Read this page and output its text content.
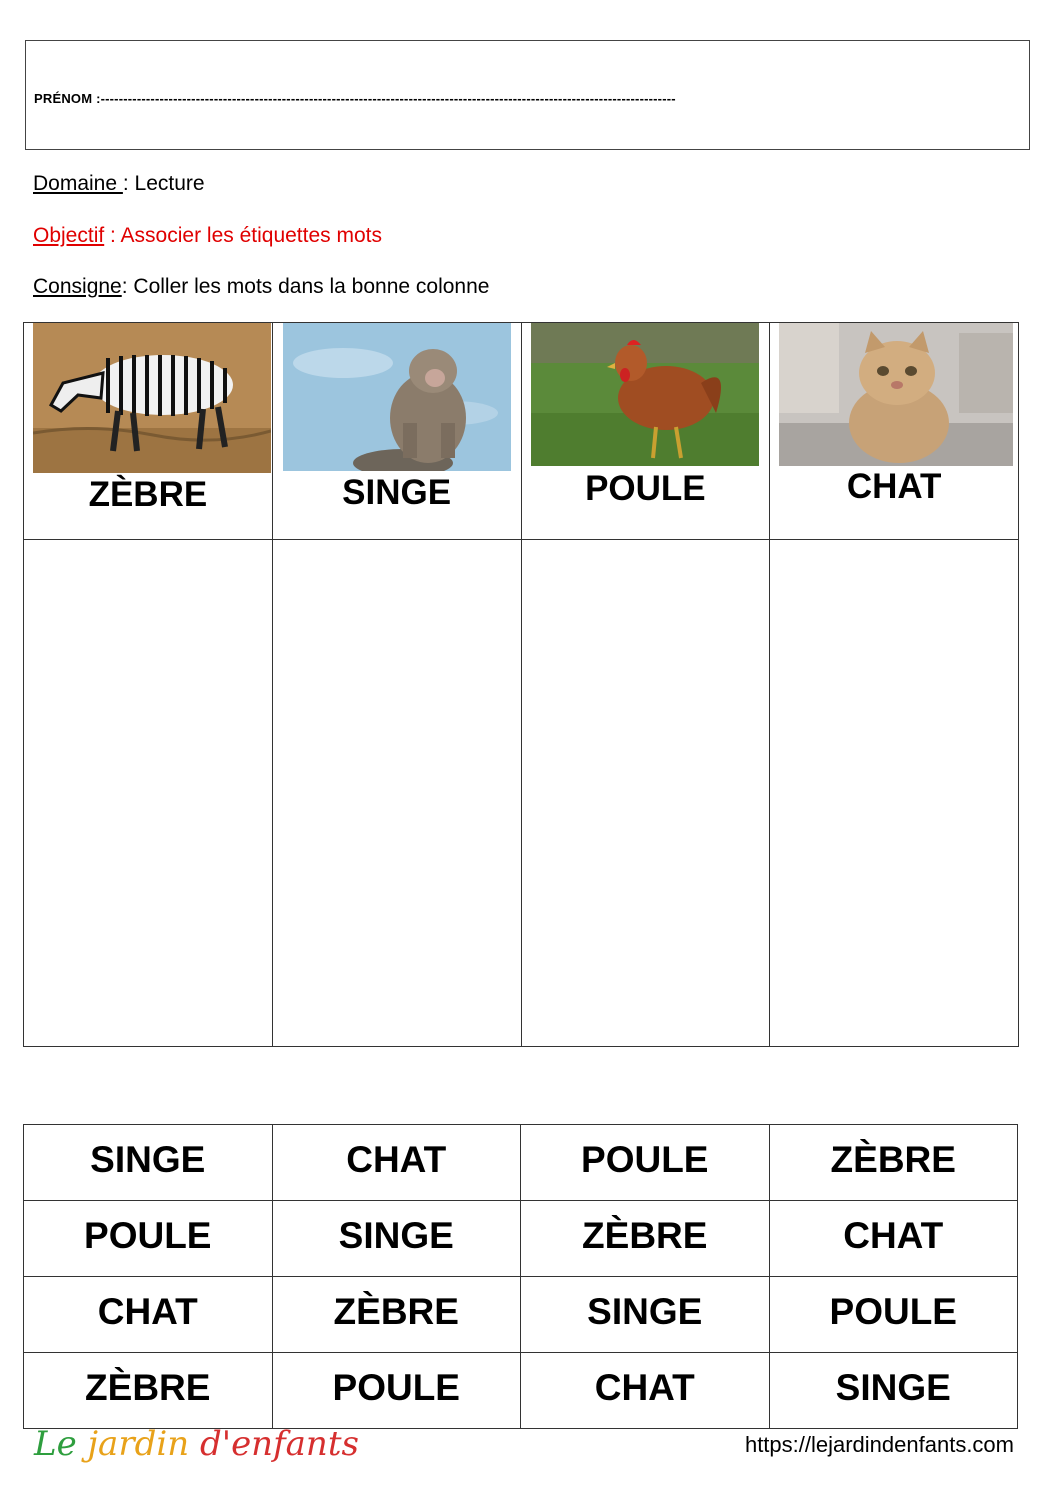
PRÉNOM :-------------------------------------------------------------------------------------------------------------------------------
Domaine : Lecture
Objectif : Associer les étiquettes mots
Consigne: Coller les mots dans la bonne colonne
ZÈBRE	SINGE	POULE	CHAT

SINGE	CHAT	POULE	ZÈBRE
POULE	SINGE	ZÈBRE	CHAT
CHAT	ZÈBRE	SINGE	POULE
ZÈBRE	POULE	CHAT	SINGE
Le jardin d'enfants	https://lejardindenfants.com
